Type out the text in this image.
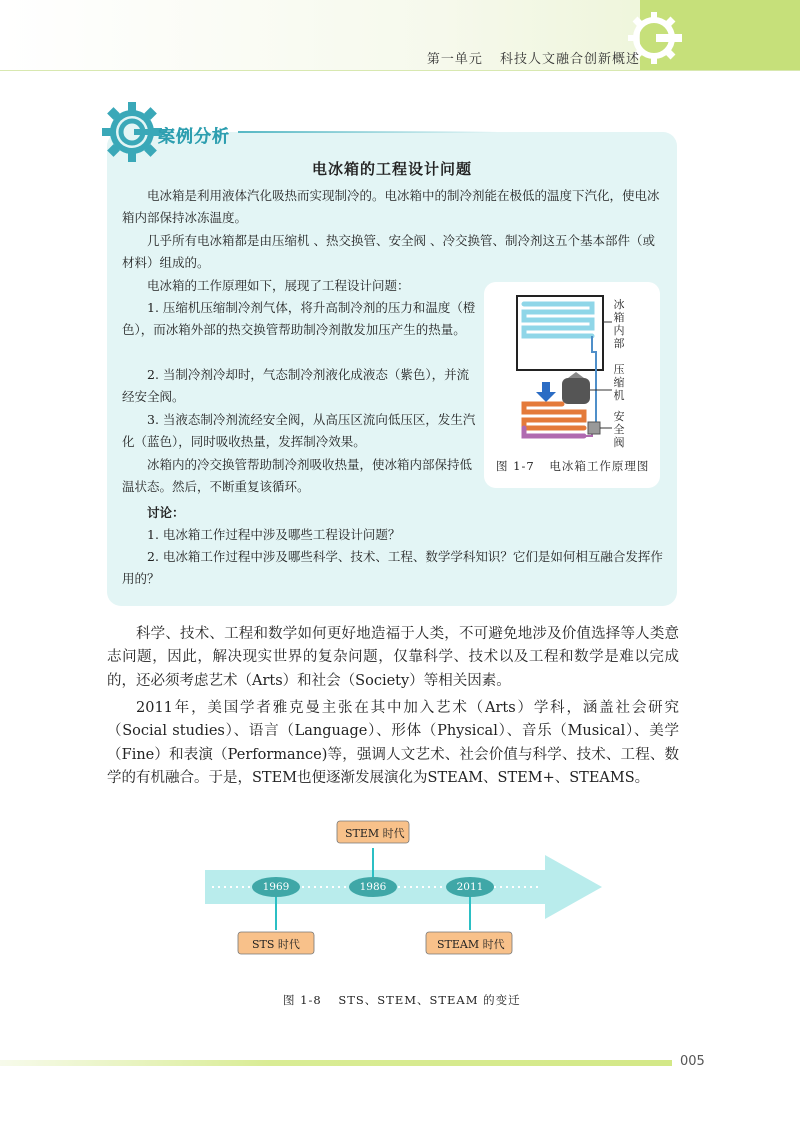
第一单元 科技人文融合创新概述
案例分析
电冰箱的工程设计问题

电冰箱是利用液体汽化吸热而实现制冷的。电冰箱中的制冷剂能在极低的温度下汽化，使电冰箱内部保持冰冻温度。

几乎所有电冰箱都是由压缩机 、热交换管、安全阀 、冷交换管、制冷剂这五个基本部件（或材料）组成的。

电冰箱的工作原理如下，展现了工程设计问题：

1. 压缩机压缩制冷剂气体，将升高制冷剂的压力和温度（橙色），而冰箱外部的热交换管帮助制冷剂散发加压产生的热量。

2. 当制冷剂冷却时，气态制冷剂液化成液态（紫色），并流经安全阀。

3. 当液态制冷剂流经安全阀，从高压区流向低压区，发生汽化（蓝色），同时吸收热量，发挥制冷效果。

冰箱内的冷交换管帮助制冷剂吸收热量，使冰箱内部保持低温状态。然后，不断重复该循环。

讨论：

1. 电冰箱工作过程中涉及哪些工程设计问题？

2. 电冰箱工作过程中涉及哪些科学、技术、工程、数学学科知识？它们是如何相互融合发挥作用的？

冰箱内部
压缩机
安全阀
图 1-7 电冰箱工作原理图

科学、技术、工程和数学如何更好地造福于人类，不可避免地涉及价值选择等人类意志问题，因此，解决现实世界的复杂问题，仅靠科学、技术以及工程和数学是难以完成的，还必须考虑艺术（Arts）和社会（Society）等相关因素。

2011年，美国学者雅克曼主张在其中加入艺术（Arts）学科，涵盖社会研究（Social studies）、语言（Language）、形体（Physical）、音乐（Musical）、美学（Fine）和表演（Performance)等，强调人文艺术、社会价值与科学、技术、工程、数学的有机融合。于是，STEM也便逐渐发展演化为STEAM、STEM+、STEAMS。

1969	1986	2011
STEM 时代
STS 时代	STEAM 时代
图 1-8 STS、STEM、STEAM 的变迁
005
